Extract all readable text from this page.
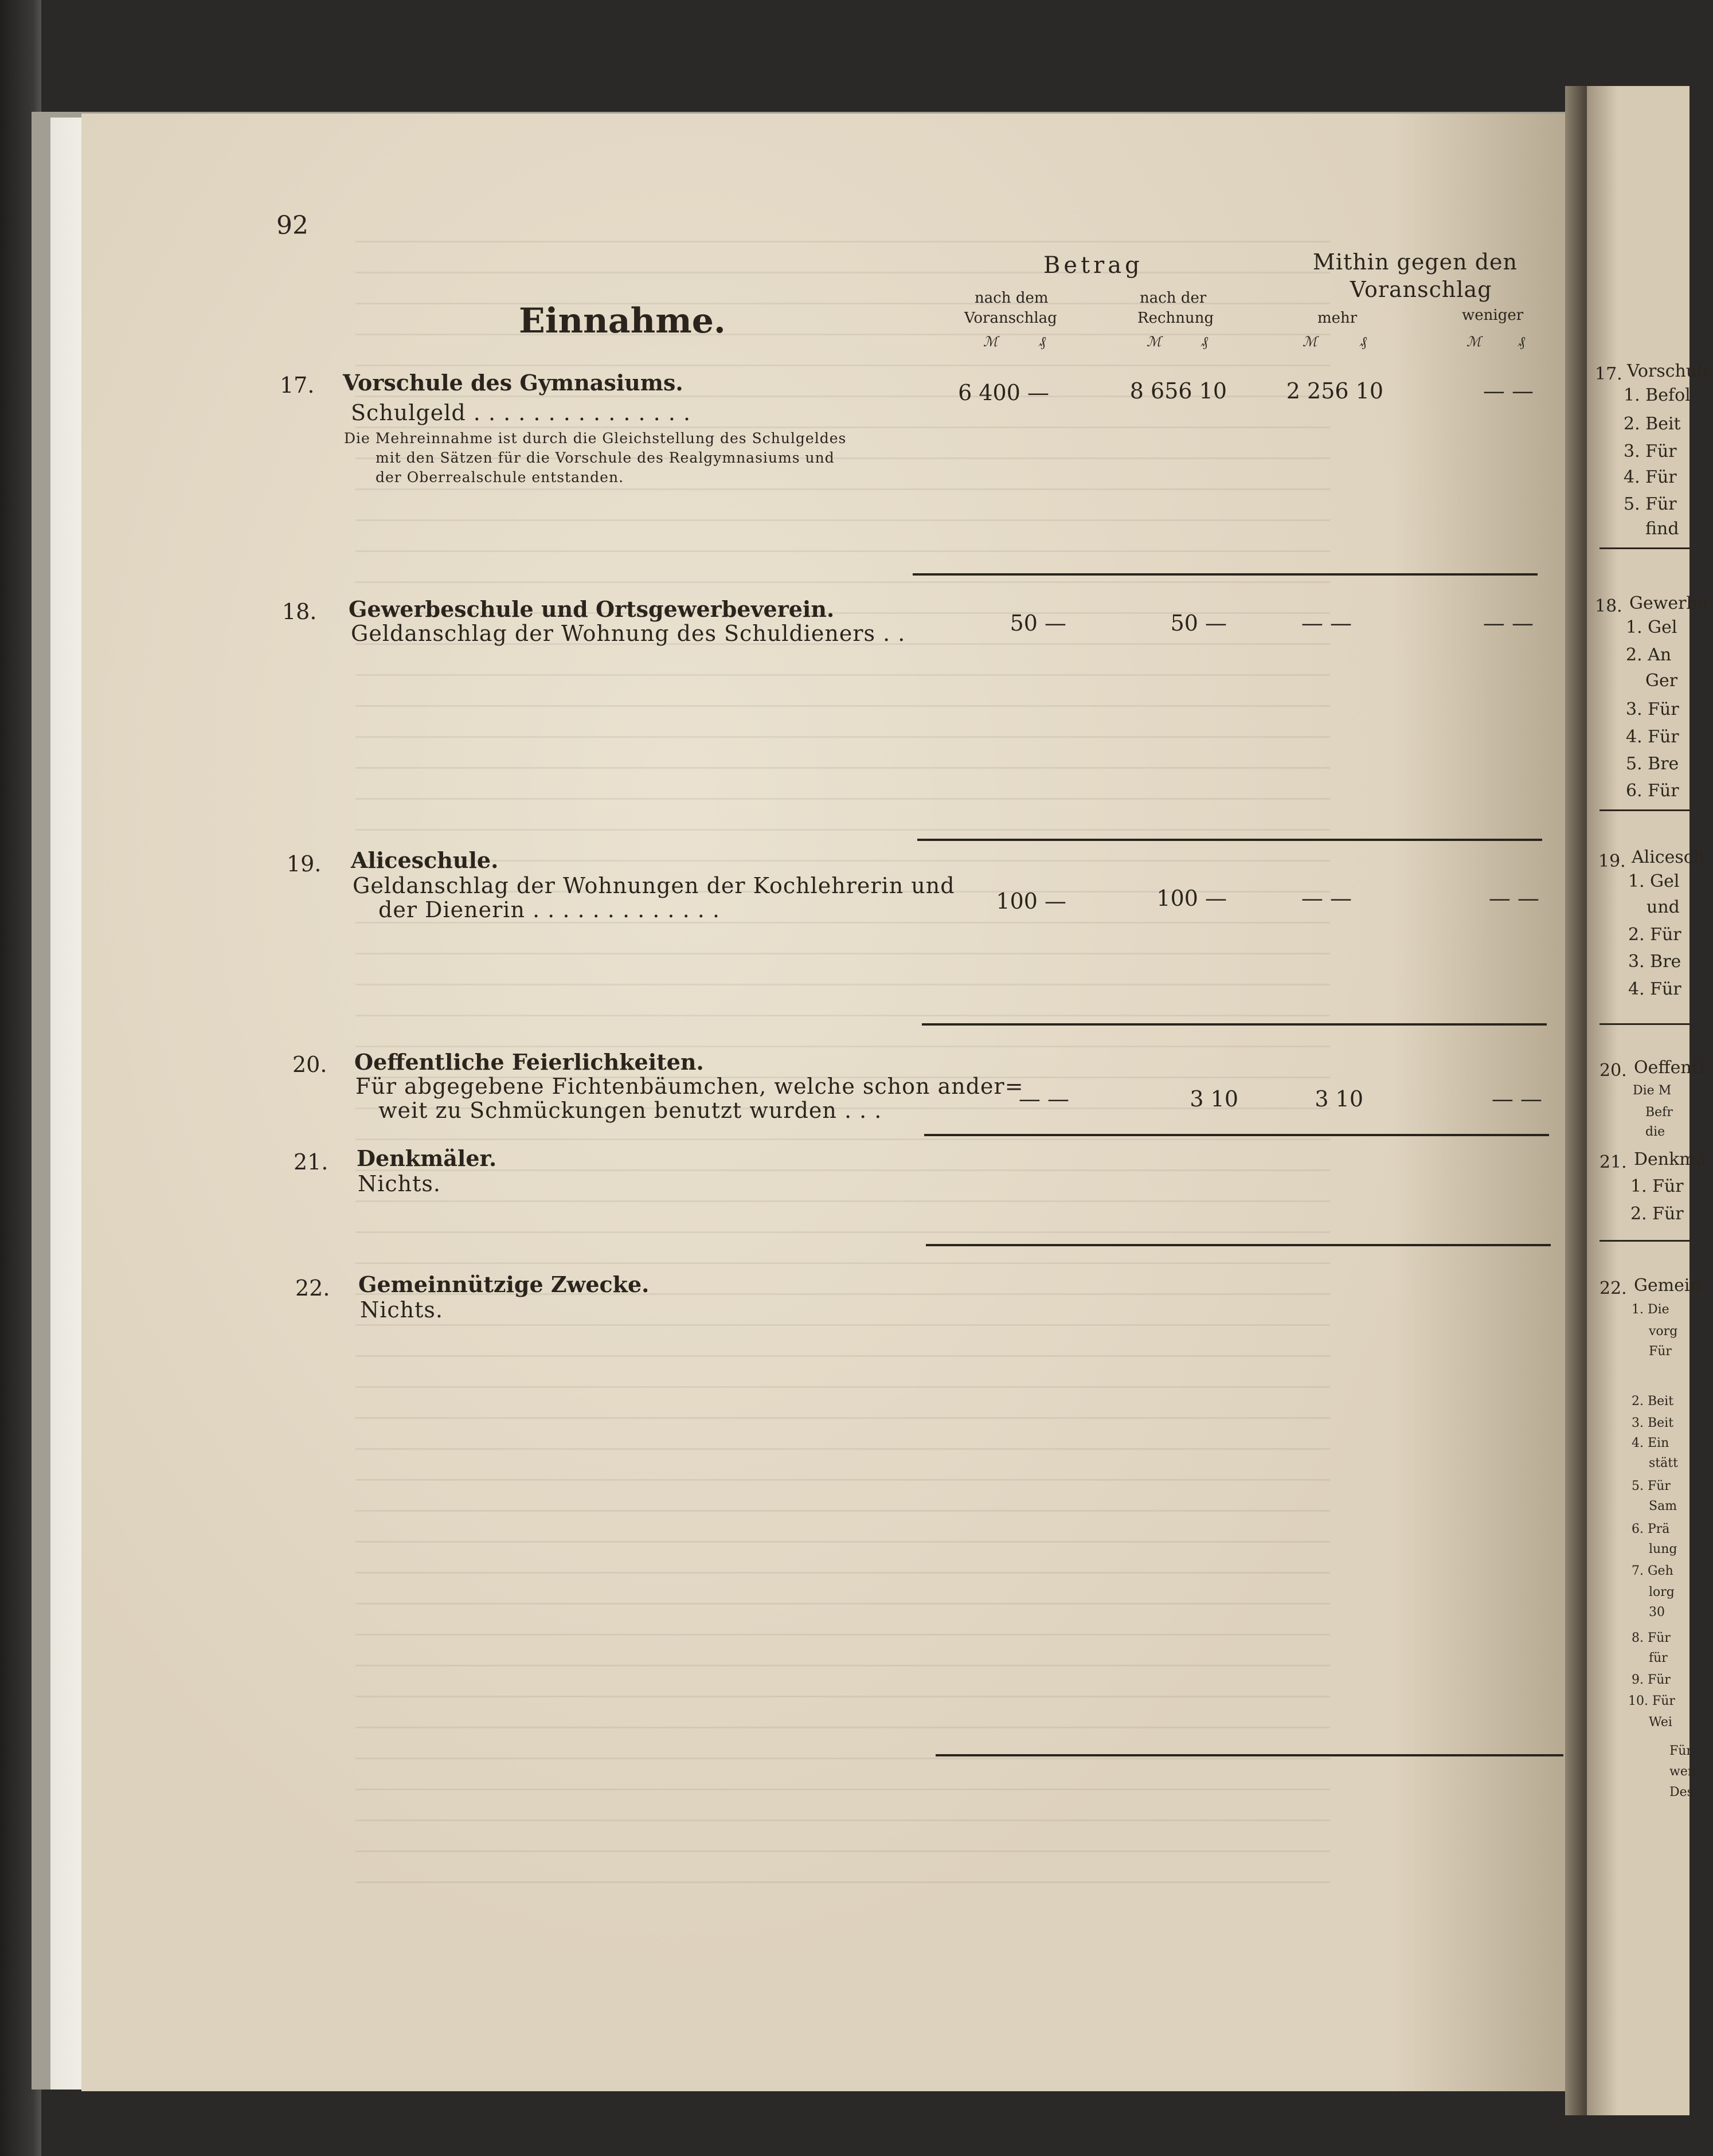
92
Einnahme.
Betrag
nach dem
Voranschlag
nach der
Rechnung
Mithin gegen den
Voranschlag
mehr	weniger
ℳ	₰	ℳ	₰	ℳ	₰	ℳ	₰
17. Vorschule des Gymnasiums.
Schulgeld . . . . . . . . . . . . . . .
Die Mehreinnahme ist durch die Gleichstellung des Schulgeldes
mit den Sätzen für die Vorschule des Realgymnasiums und
der Oberrealschule entstanden.
6 400 —	8 656 10	2 256 10	— —
18. Gewerbeschule und Ortsgewerbeverein.
Geldanschlag der Wohnung des Schuldieners . .	50 —	50 —	— —	— —
19. Aliceschule.
Geldanschlag der Wohnungen der Kochlehrerin und
der Dienerin . . . . . . . . . . . . .	100 —	100 —	— —	— —
20. Oeffentliche Feierlichkeiten.
Für abgegebene Fichtenbäumchen, welche schon ander=
weit zu Schmückungen benutzt wurden . . .	— —	3 10	3 10	— —
21. Denkmäler.
Nichts.
22. Gemeinnützige Zwecke.
Nichts.
17. Vorschule
1. Befol
2. Beit
3. Für
4. Für
5. Für
find
18. Gewerbe
1. Gel
2. An
Ger
3. Für
4. Für
5. Bre
6. Für
19. Alicesch
1. Gel
und
2. Für
3. Bre
4. Für
20. Oeffentl
Die M
Befr
die
21. Denkmä
1. Für
2. Für
22. Gemein
1. Die
vorg
Für
2. Beit
3. Beit
4. Ein
stätt
5. Für
Sam
6. Prä
lung
7. Geh
lorg
30
8. Für
für
9. Für
10. Für
Wei
Für
wen
Des
